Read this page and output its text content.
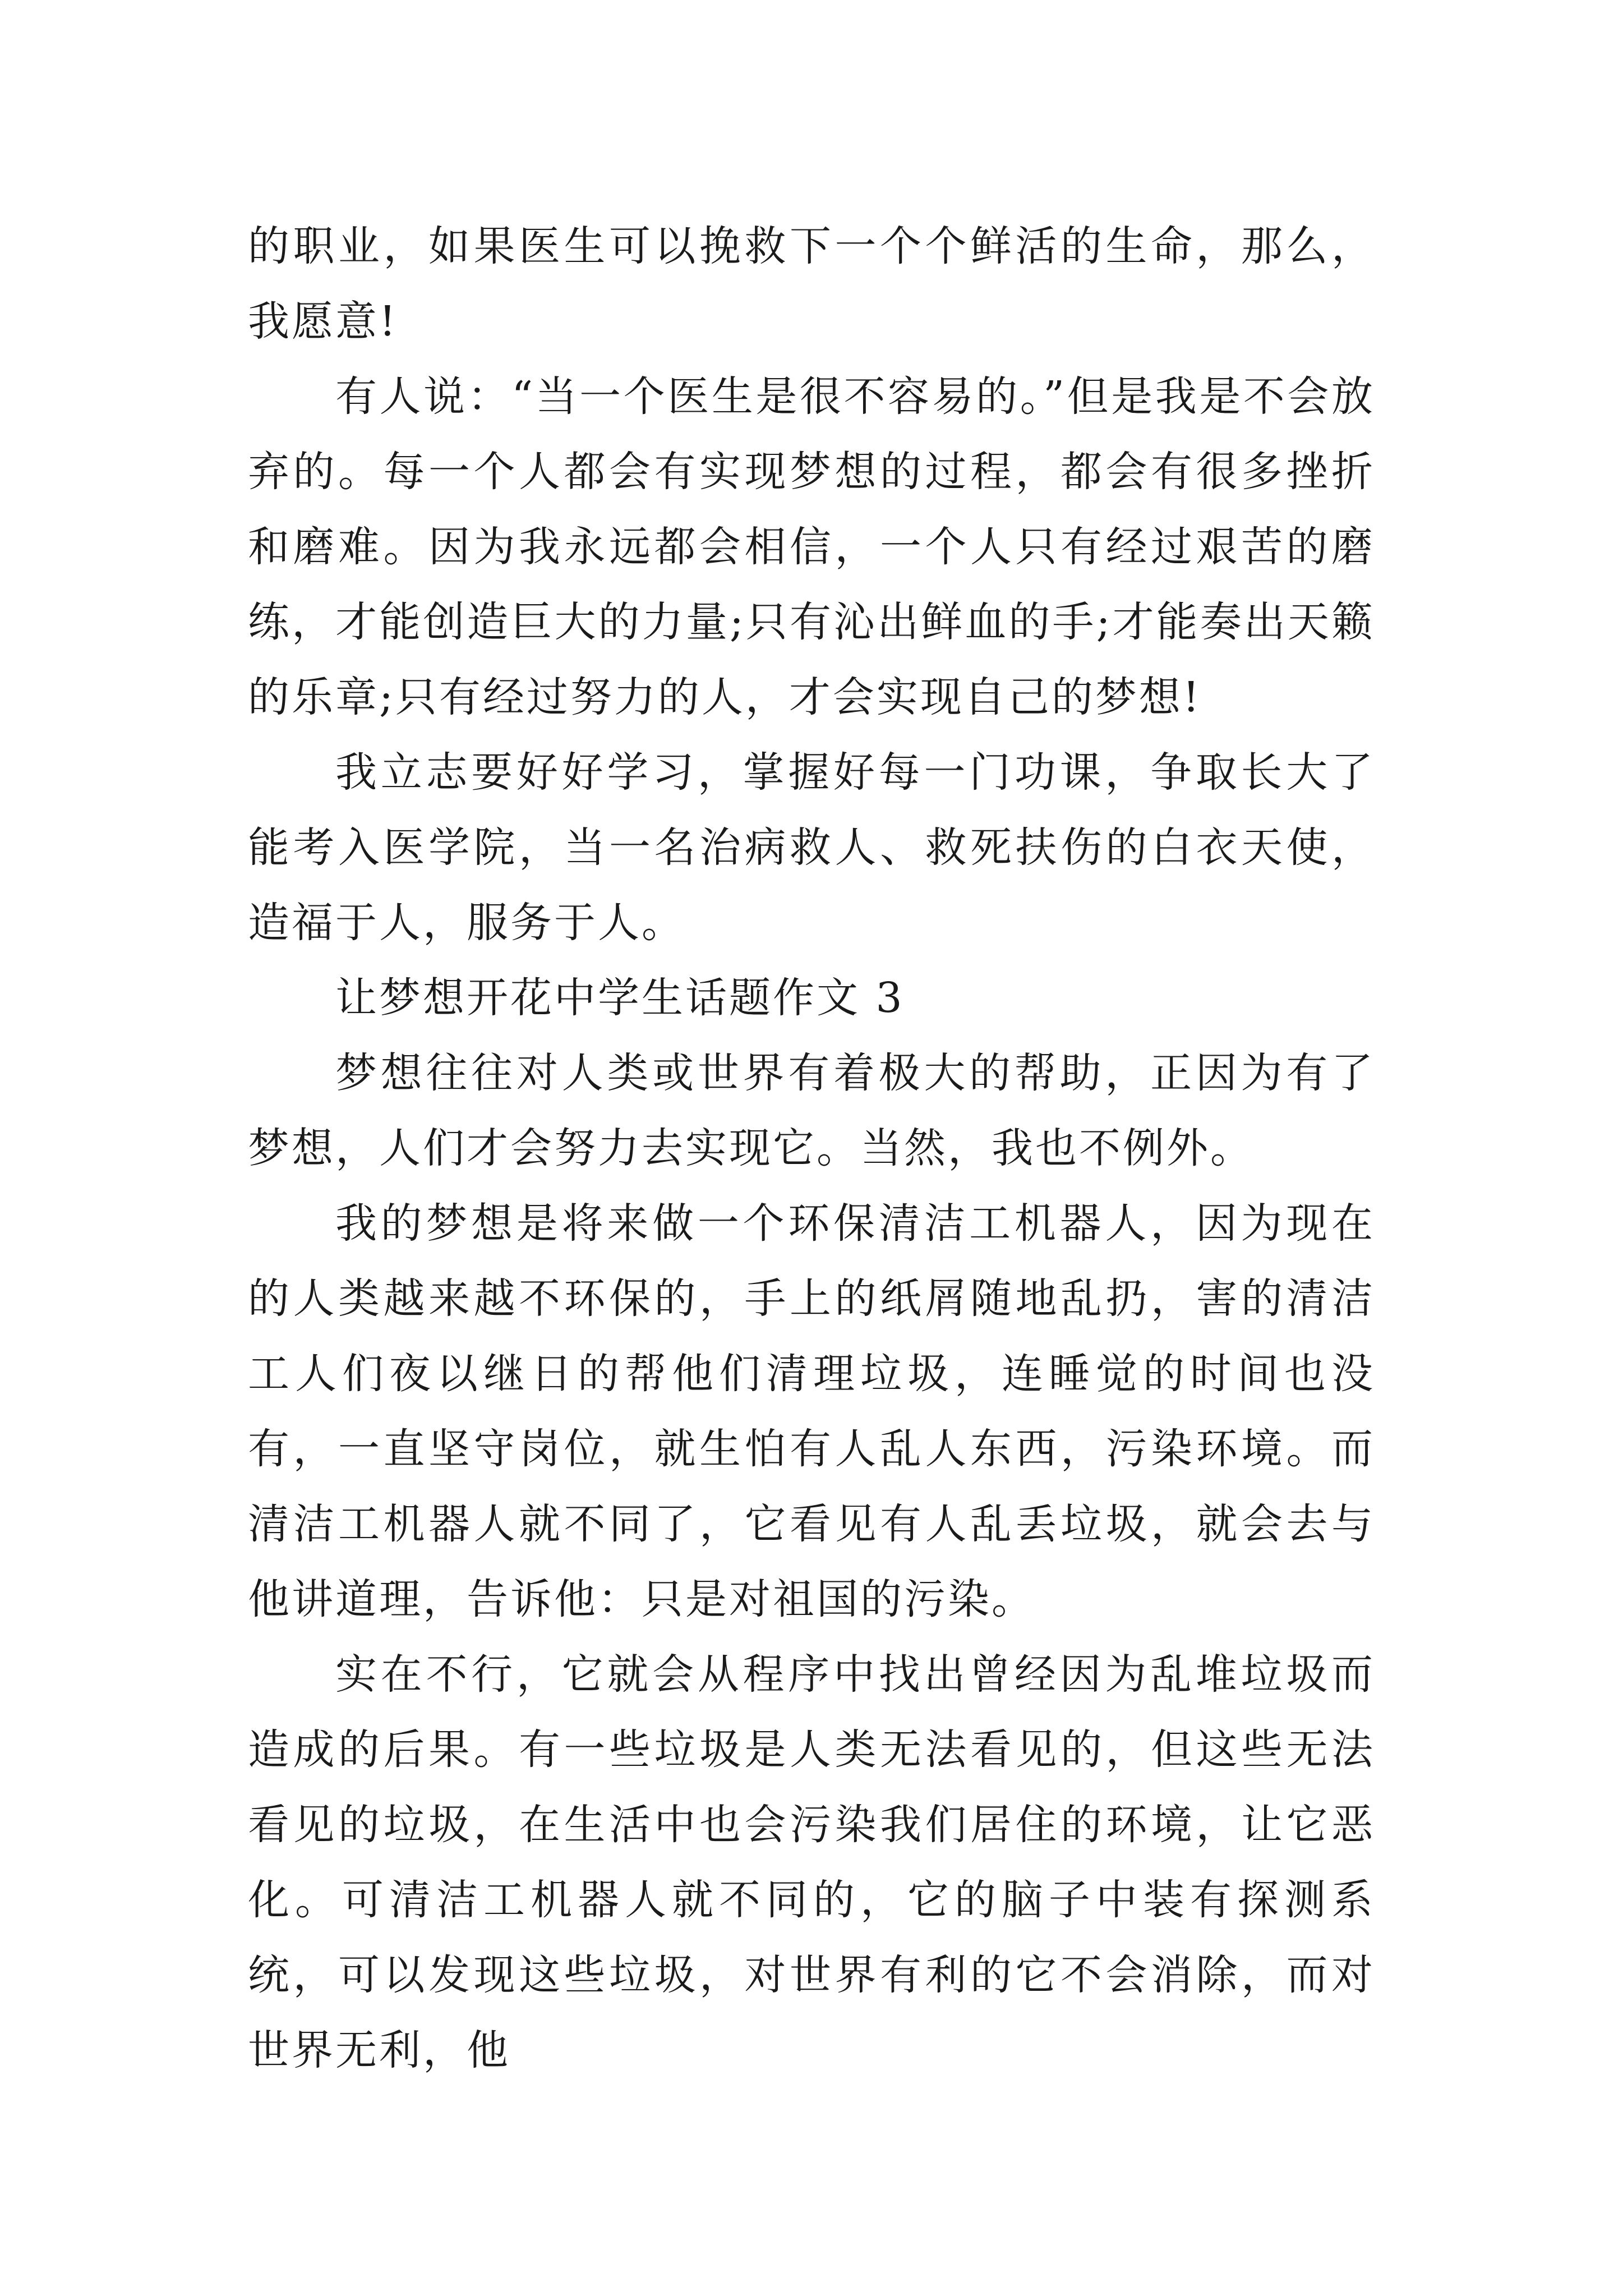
的职业，如果医生可以挽救下一个个鲜活的生命，那么，我愿意!

有人说：“当一个医生是很不容易的。”但是我是不会放弃的。每一个人都会有实现梦想的过程，都会有很多挫折和磨难。因为我永远都会相信，一个人只有经过艰苦的磨练，才能创造巨大的力量;只有沁出鲜血的手;才能奏出天籁的乐章;只有经过努力的人，才会实现自己的梦想!

我立志要好好学习，掌握好每一门功课，争取长大了能考入医学院，当一名治病救人、救死扶伤的白衣天使，造福于人，服务于人。

让梦想开花中学生话题作文 3

梦想往往对人类或世界有着极大的帮助，正因为有了梦想，人们才会努力去实现它。当然，我也不例外。

我的梦想是将来做一个环保清洁工机器人，因为现在的人类越来越不环保的，手上的纸屑随地乱扔，害的清洁工人们夜以继日的帮他们清理垃圾，连睡觉的时间也没有，一直坚守岗位，就生怕有人乱人东西，污染环境。而清洁工机器人就不同了，它看见有人乱丢垃圾，就会去与他讲道理，告诉他：只是对祖国的污染。

实在不行，它就会从程序中找出曾经因为乱堆垃圾而造成的后果。有一些垃圾是人类无法看见的，但这些无法看见的垃圾，在生活中也会污染我们居住的环境，让它恶化。可清洁工机器人就不同的，它的脑子中装有探测系统，可以发现这些垃圾，对世界有利的它不会消除，而对世界无利，他
